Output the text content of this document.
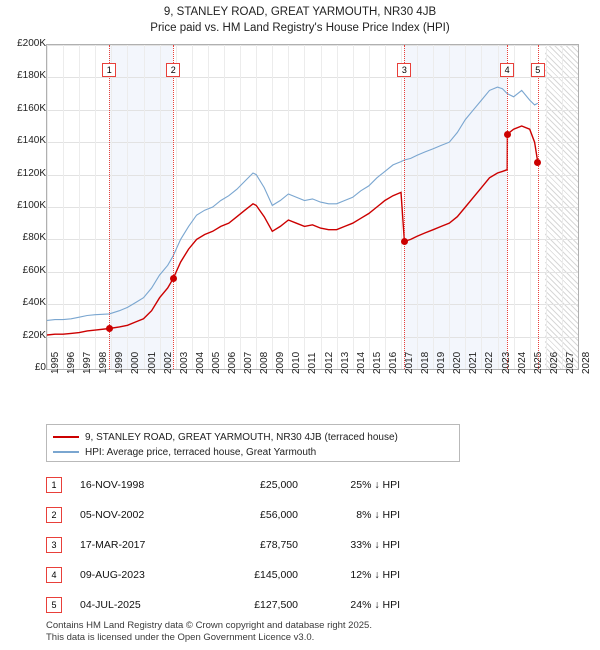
9, STANLEY ROAD, GREAT YARMOUTH, NR30 4JB
Price paid vs. HM Land Registry's House Price Index (HPI)
1	2	3	4	5
£0
£20K
£40K
£60K
£80K
£100K
£120K
£140K
£160K
£180K
£200K
1995 1996 1997 1998 1999 2000 2001 2002 2003 2004 2005 2006 2007 2008 2009 2010 2011 2012 2013 2014 2015 2016 2017 2018 2019 2020 2021 2022 2023 2024 2025 2026 2027 2028
9, STANLEY ROAD, GREAT YARMOUTH, NR30 4JB (terraced house)
HPI: Average price, terraced house, Great Yarmouth
1	16-NOV-1998	£25,000	25% ↓ HPI
2	05-NOV-2002	£56,000	8% ↓ HPI
3	17-MAR-2017	£78,750	33% ↓ HPI
4	09-AUG-2023	£145,000	12% ↓ HPI
5	04-JUL-2025	£127,500	24% ↓ HPI
Contains HM Land Registry data © Crown copyright and database right 2025.
This data is licensed under the Open Government Licence v3.0.
